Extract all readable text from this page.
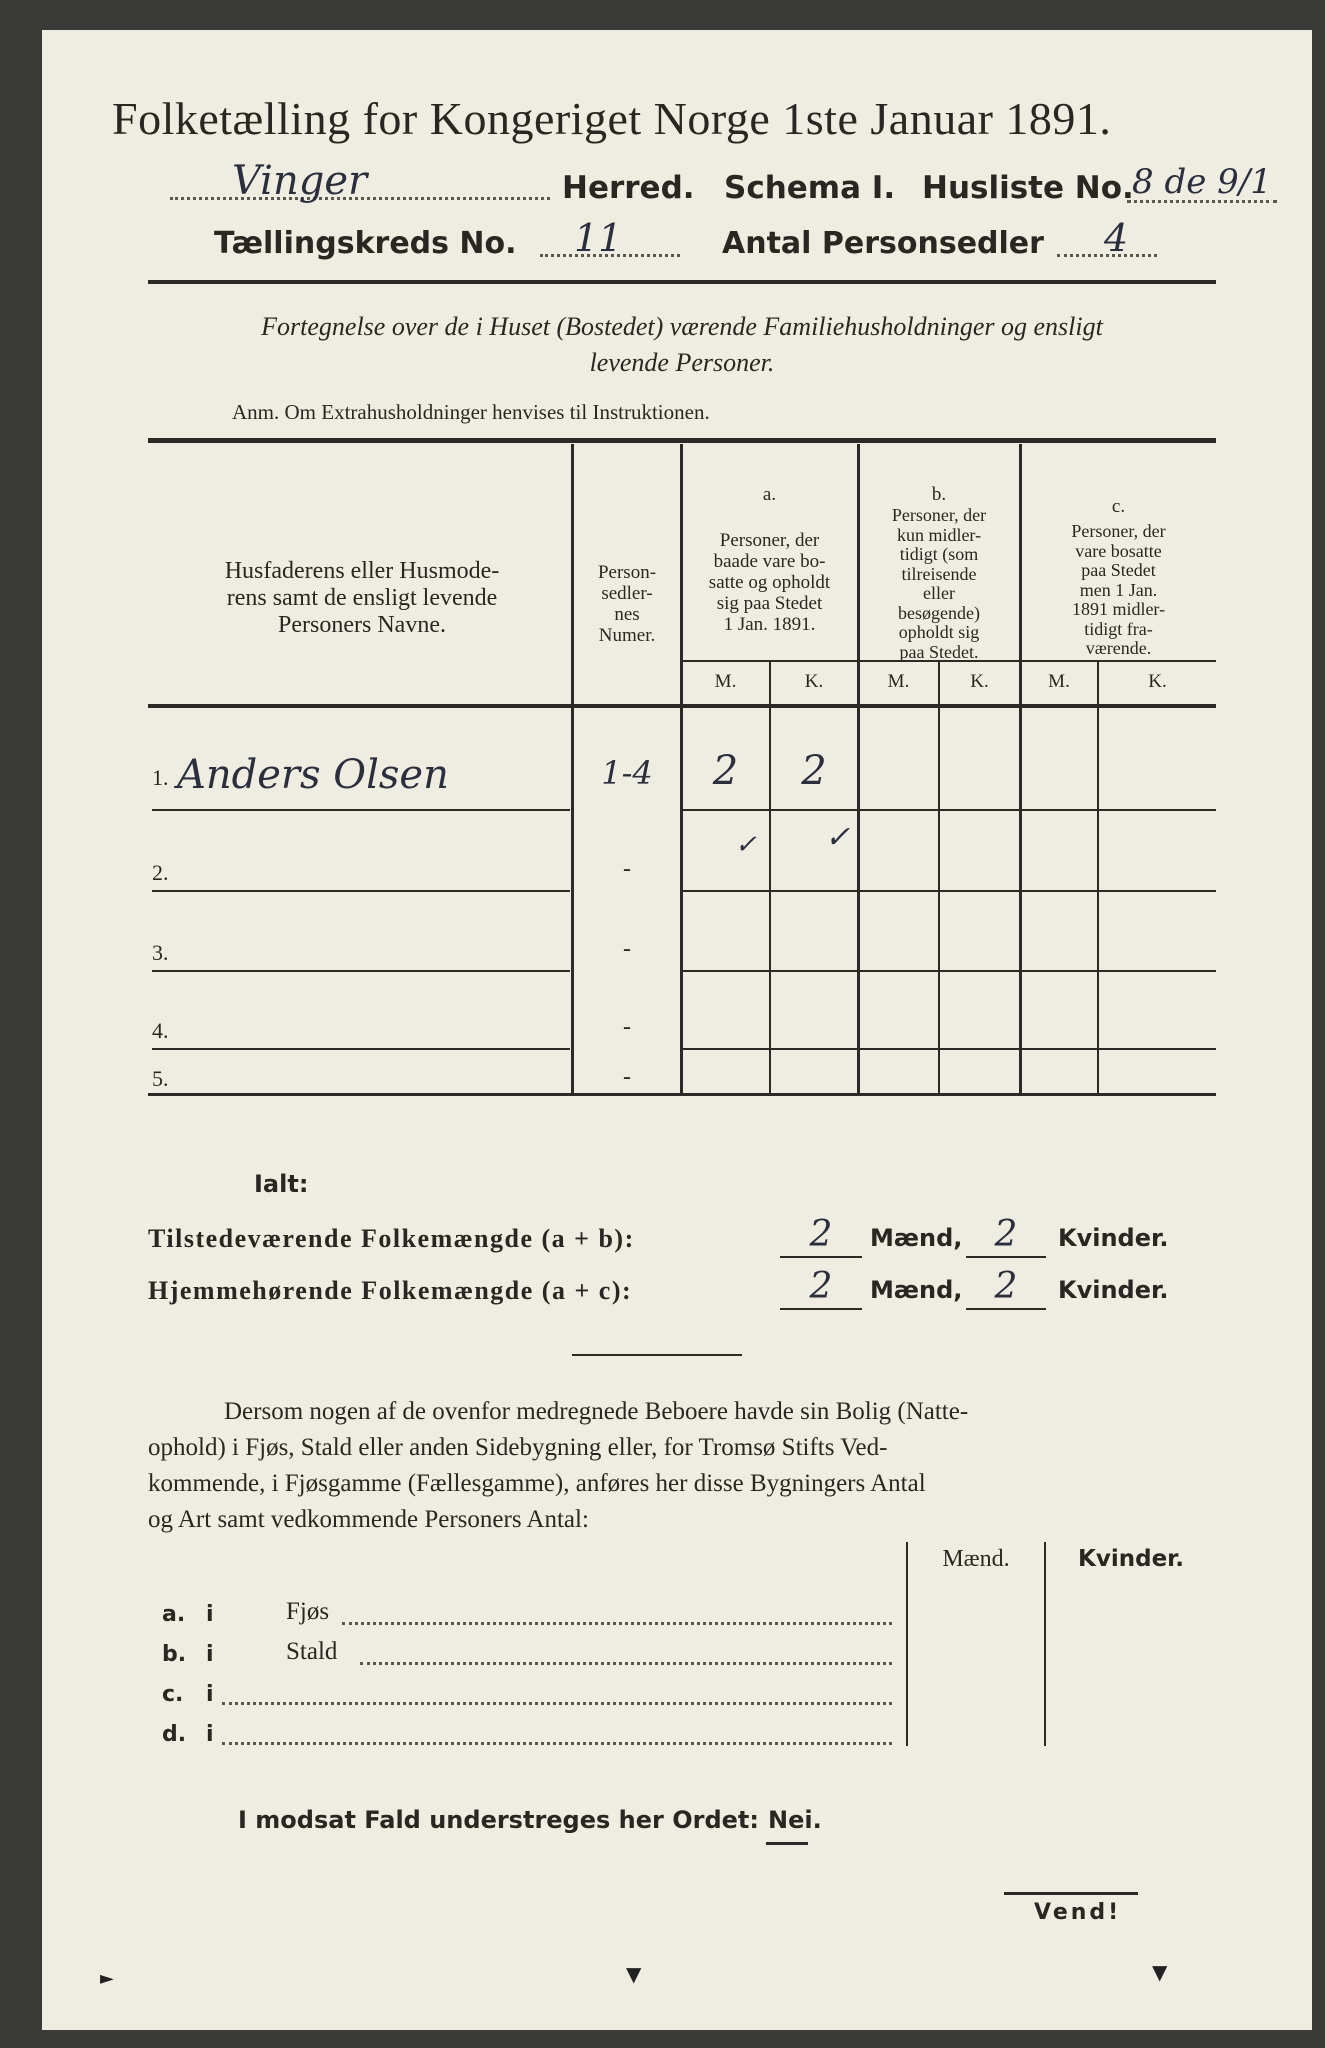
Folketælling for Kongeriget Norge 1ste Januar 1891.
Vinger	Herred. Schema I. Husliste No.
8 de 9/1
Tællingskreds No. 11	Antal Personsedler 4
Fortegnelse over de i Huset (Bostedet) værende Familiehusholdninger og ensligt
levende Personer.
Anm. Om Extrahusholdninger henvises til Instruktionen.
Husfaderens eller Husmode-
rens samt de ensligt levende
Personers Navne.
Person-
sedler-
nes
Numer.
a.
Personer, der
baade vare bo-
satte og opholdt
sig paa Stedet
1 Jan. 1891.
b.
Personer, der
kun midler-
tidigt (som
tilreisende
eller
besøgende)
opholdt sig
paa Stedet.
c.
Personer, der
vare bosatte
paa Stedet
men 1 Jan.
1891 midler-
tidigt fra-
værende.
M.	K.	M.	K.	M.	K.
1. Anders Olsen	1-4	2	2
✓ ✓
2.	-
3.	-
4.	-
5.	-
Ialt:
Tilstedeværende Folkemængde (a + b):	2	Mænd, 2	Kvinder.
Hjemmehørende Folkemængde (a + c):	2	Mænd, 2	Kvinder.
Dersom nogen af de ovenfor medregnede Beboere havde sin Bolig (Natte-
ophold) i Fjøs, Stald eller anden Sidebygning eller, for Tromsø Stifts Ved-
kommende, i Fjøsgamme (Fællesgamme), anføres her disse Bygningers Antal
og Art samt vedkommende Personers Antal:
Mænd.	Kvinder.
a. i	Fjøs
b. i	Stald
c. i
d. i
I modsat Fald understreges her Ordet: Nei.
Vend!
►	▼	▼
